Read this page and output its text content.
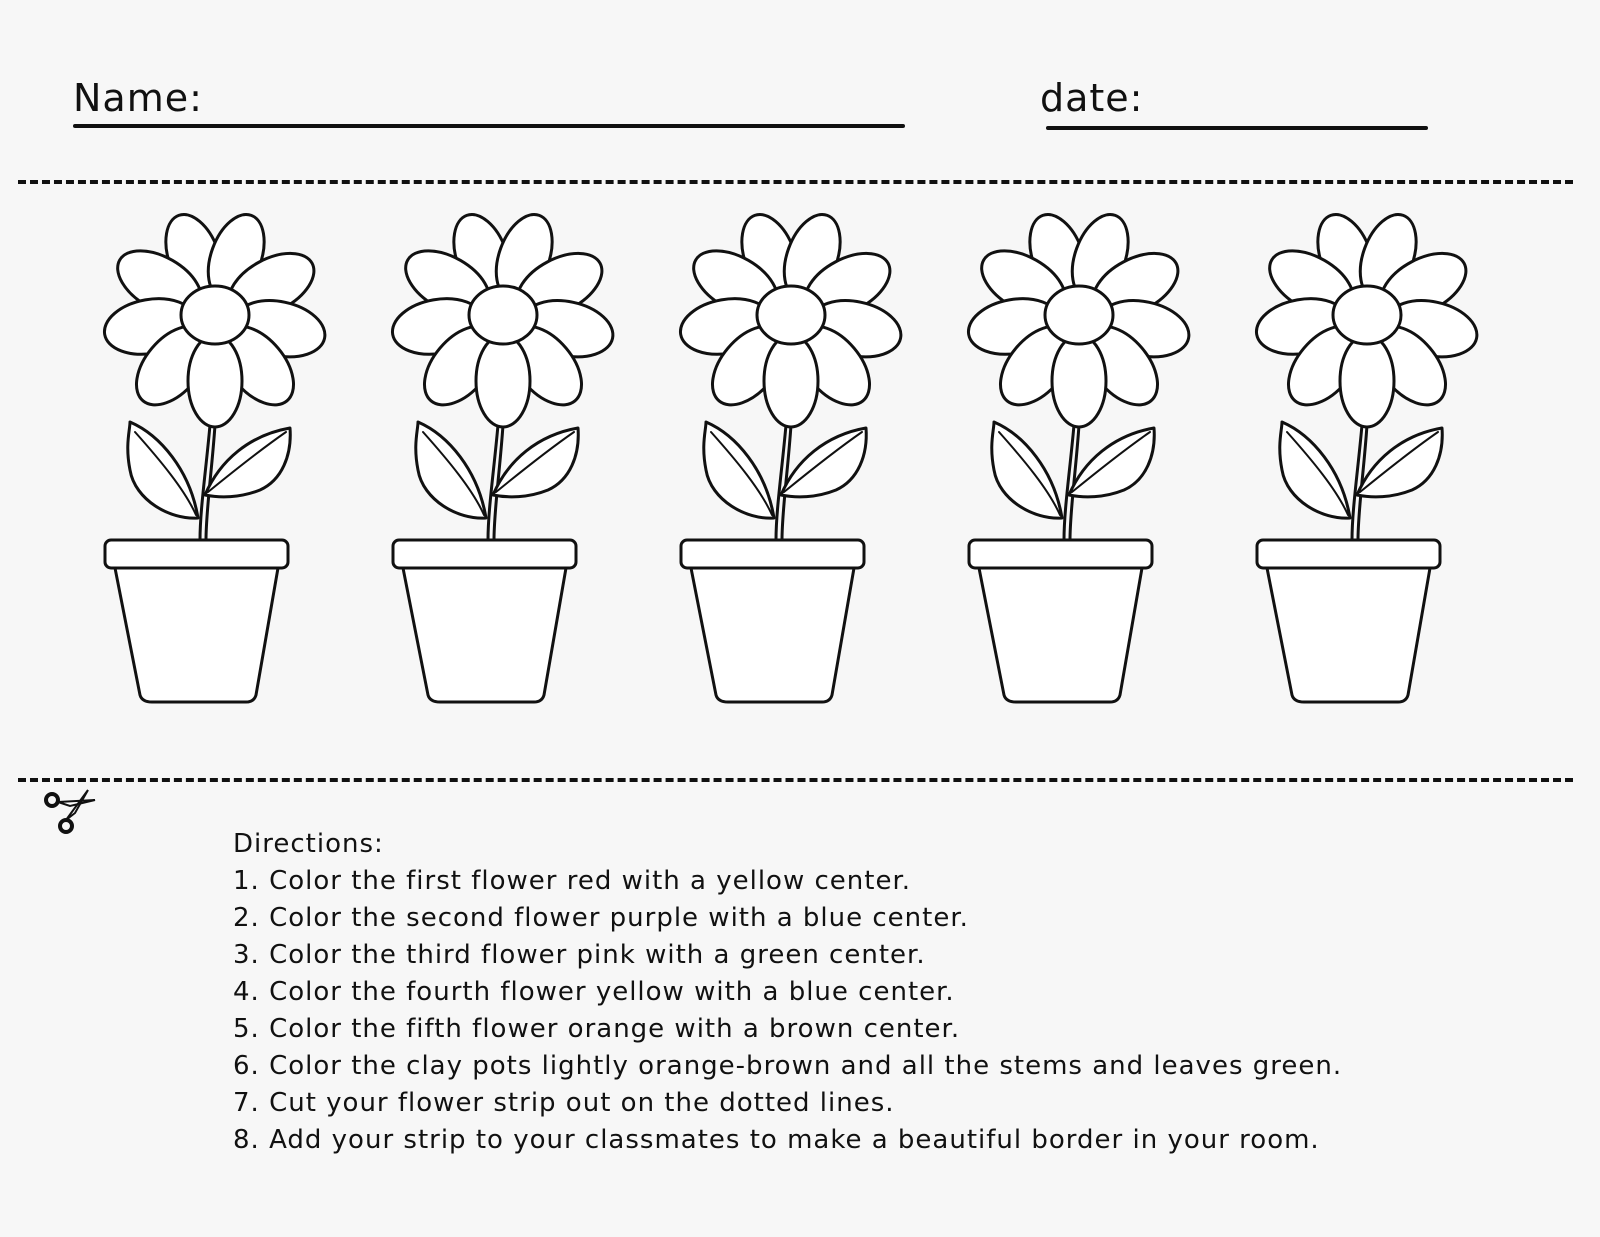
Name:	date:
Directions:
1. Color the first flower red with a yellow center.
2. Color the second flower purple with a blue center.
3. Color the third flower pink with a green center.
4. Color the fourth flower yellow with a blue center.
5. Color the fifth flower orange with a brown center.
6. Color the clay pots lightly orange-brown and all the stems and leaves green.
7. Cut your flower strip out on the dotted lines.
8. Add your strip to your classmates to make a beautiful border in your room.
